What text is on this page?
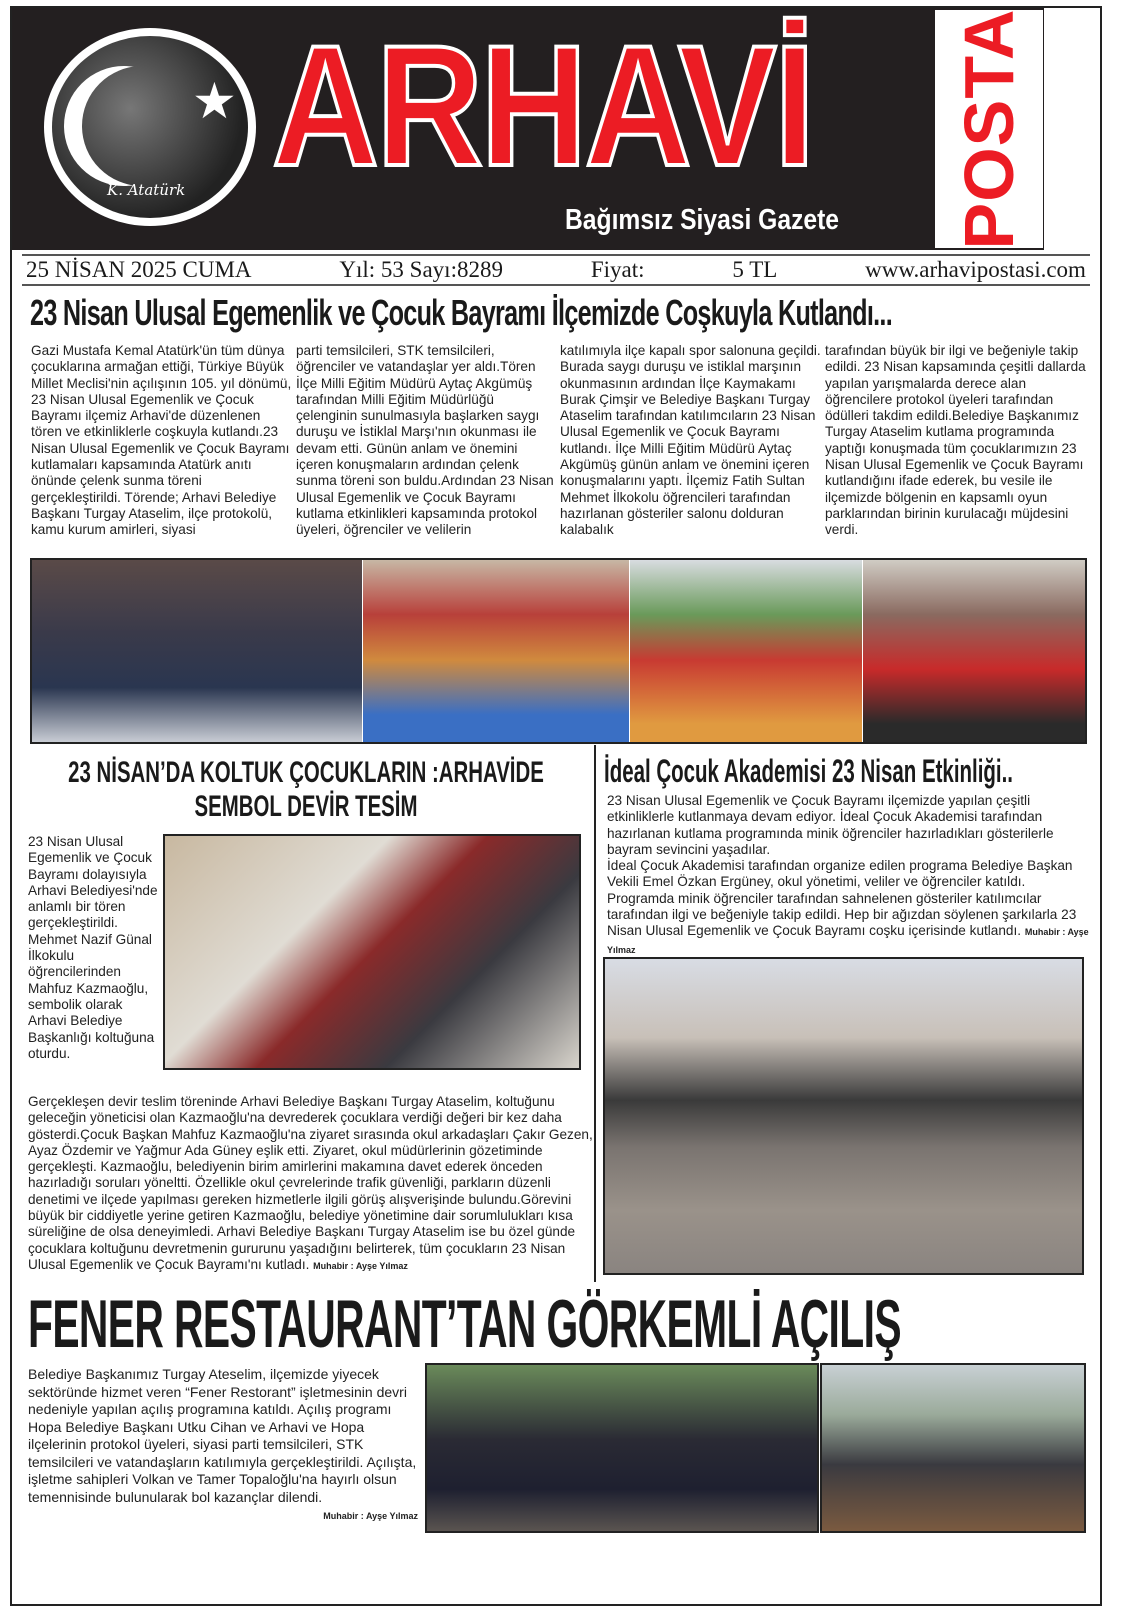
★
K. Atatürk ARHAVİ
Bağımsız Siyasi Gazete POSTA
25 NİSAN 2025 CUMA	Yıl: 53 Sayı:8289	Fiyat:	5 TL	www.arhavipostasi.com
23 Nisan Ulusal Egemenlik ve Çocuk Bayramı İlçemizde Coşkuyla Kutlandı...
Gazi Mustafa Kemal Atatürk'ün tüm dünya çocuklarına armağan ettiği, Türkiye Büyük Millet Meclisi'nin açılışının 105. yıl dönümü, 23 Nisan Ulusal Egemenlik ve Çocuk Bayramı ilçemiz Arhavi'de düzenlenen tören ve etkinliklerle coşkuyla kutlandı.23 Nisan Ulusal Egemenlik ve Çocuk Bayramı kutlamaları kapsamında Atatürk anıtı önünde çelenk sunma töreni gerçekleştirildi. Törende; Arhavi Belediye Başkanı Turgay Ataselim, ilçe protokolü, kamu kurum amirleri, siyasi
parti temsilcileri, STK temsilcileri, öğrenciler ve vatandaşlar yer aldı.Tören İlçe Milli Eğitim Müdürü Aytaç Akgümüş tarafından Milli Eğitim Müdürlüğü çelenginin sunulmasıyla başlarken saygı duruşu ve İstiklal Marşı'nın okunması ile devam etti. Günün anlam ve önemini içeren konuşmaların ardından çelenk sunma töreni son buldu.Ardından 23 Nisan Ulusal Egemenlik ve Çocuk Bayramı kutlama etkinlikleri kapsamında protokol üyeleri, öğrenciler ve velilerin
katılımıyla ilçe kapalı spor salonuna geçildi. Burada saygı duruşu ve istiklal marşının okunmasının ardından İlçe Kaymakamı Burak Çimşir ve Belediye Başkanı Turgay Ataselim tarafından katılımcıların 23 Nisan Ulusal Egemenlik ve Çocuk Bayramı kutlandı. İlçe Milli Eğitim Müdürü Aytaç Akgümüş günün anlam ve önemini içeren konuşmalarını yaptı. İlçemiz Fatih Sultan Mehmet İlkokolu öğrencileri tarafından hazırlanan gösteriler salonu dolduran kalabalık
tarafından büyük bir ilgi ve beğeniyle takip edildi. 23 Nisan kapsamında çeşitli dallarda yapılan yarışmalarda derece alan öğrencilere protokol üyeleri tarafından ödülleri takdim edildi.Belediye Başkanımız Turgay Ataselim kutlama programında yaptığı konuşmada tüm çocuklarımızın 23 Nisan Ulusal Egemenlik ve Çocuk Bayramı kutlandığını ifade ederek, bu vesile ile ilçemizde bölgenin en kapsamlı oyun parklarından birinin kurulacağı müjdesini verdi.
23 NİSAN’DA KOLTUK ÇOCUKLARIN :ARHAVİDE
SEMBOL DEVİR TESİM
23 Nisan Ulusal Egemenlik ve Çocuk Bayramı dolayısıyla Arhavi Belediyesi'nde anlamlı bir tören gerçekleştirildi. Mehmet Nazif Günal İlkokulu öğrencilerinden Mahfuz Kazmaoğlu, sembolik olarak Arhavi Belediye Başkanlığı koltuğuna oturdu.
Gerçekleşen devir teslim töreninde Arhavi Belediye Başkanı Turgay Ataselim, koltuğunu geleceğin yöneticisi olan Kazmaoğlu'na devrederek çocuklara verdiği değeri bir kez daha gösterdi.Çocuk Başkan Mahfuz Kazmaoğlu'na ziyaret sırasında okul arkadaşları Çakır Gezen, Ayaz Özdemir ve Yağmur Ada Güney eşlik etti. Ziyaret, okul müdürlerinin gözetiminde gerçekleşti. Kazmaoğlu, belediyenin birim amirlerini makamına davet ederek önceden hazırladığı soruları yöneltti. Özellikle okul çevrelerinde trafik güvenliği, parkların düzenli denetimi ve ilçede yapılması gereken hizmetlerle ilgili görüş alışverişinde bulundu.Görevini büyük bir ciddiyetle yerine getiren Kazmaoğlu, belediye yönetimine dair sorumlulukları kısa süreliğine de olsa deneyimledi. Arhavi Belediye Başkanı Turgay Ataselim ise bu özel günde çocuklara koltuğunu devretmenin gururunu yaşadığını belirterek, tüm çocukların 23 Nisan Ulusal Egemenlik ve Çocuk Bayramı'nı kutladı. Muhabir : Ayşe Yılmaz
İdeal Çocuk Akademisi 23 Nisan Etkinliği..
23 Nisan Ulusal Egemenlik ve Çocuk Bayramı ilçemizde yapılan çeşitli etkinliklerle kutlanmaya devam ediyor. İdeal Çocuk Akademisi tarafından hazırlanan kutlama programında minik öğrenciler hazırladıkları gösterilerle bayram sevincini yaşadılar.
İdeal Çocuk Akademisi tarafından organize edilen programa Belediye Başkan Vekili Emel Özkan Ergüney, okul yönetimi, veliler ve öğrenciler katıldı. Programda minik öğrenciler tarafından sahnelenen gösteriler katılımcılar tarafından ilgi ve beğeniyle takip edildi. Hep bir ağızdan söylenen şarkılarla 23 Nisan Ulusal Egemenlik ve Çocuk Bayramı coşku içerisinde kutlandı. Muhabir : Ayşe Yılmaz
FENER RESTAURANT’TAN GÖRKEMLİ AÇILIŞ
Belediye Başkanımız Turgay Ateselim, ilçemizde yiyecek sektöründe hizmet veren “Fener Restorant” işletmesinin devri nedeniyle yapılan açılış programına katıldı. Açılış programı Hopa Belediye Başkanı Utku Cihan ve Arhavi ve Hopa ilçelerinin protokol üyeleri, siyasi parti temsilcileri, STK temsilcileri ve vatandaşların katılımıyla gerçekleştirildi. Açılışta, işletme sahipleri Volkan ve Tamer Topaloğlu'na hayırlı olsun temennisinde bulunularak bol kazançlar dilendi.
Muhabir : Ayşe Yılmaz
